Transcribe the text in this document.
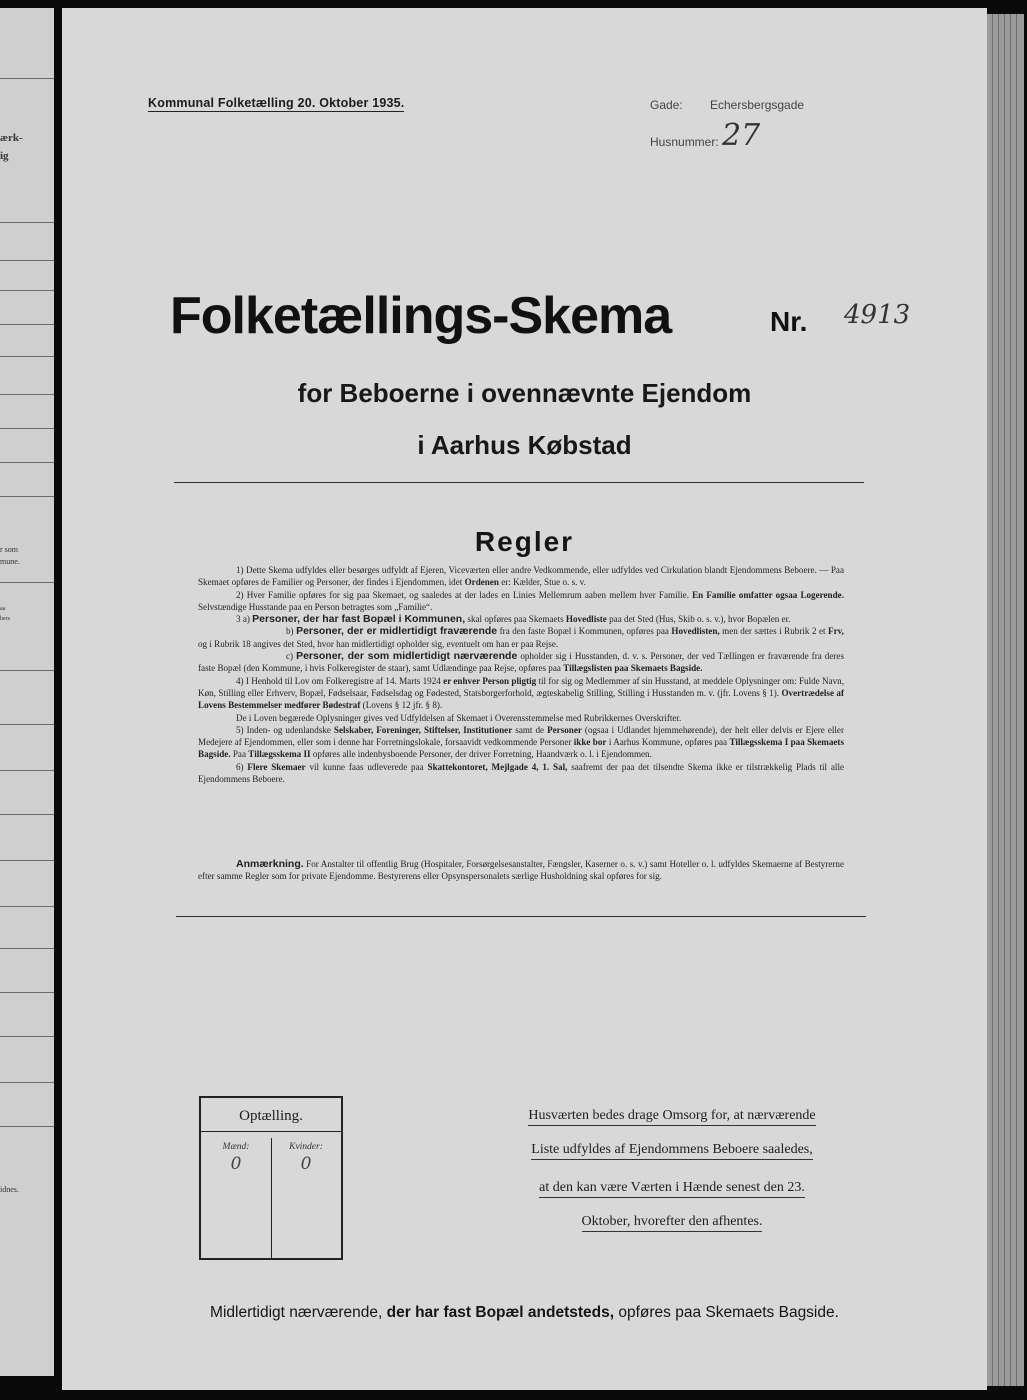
ærk-
ig
r som
mune.
aa
bers
idnes.
Kommunal Folketælling 20. Oktober 1935.	Gade: Echersbergsgade
Husnummer: 27
Folketællings-Skema	Nr. 4913
for Beboerne i ovennævnte Ejendom
i Aarhus Købstad
Regler

1) Dette Skema udfyldes eller besørges udfyldt af Ejeren, Viceværten eller andre Vedkommende, eller udfyldes ved Cirkulation blandt Ejendommens Beboere. — Paa Skemaet opføres de Familier og Personer, der findes i Ejendommen, idet Ordenen er: Kælder, Stue o. s. v.

2) Hver Familie opføres for sig paa Skemaet, og saaledes at der lades en Linies Mellemrum aaben mellem hver Familie. En Familie omfatter ogsaa Logerende. Selvstændige Husstande paa en Person betragtes som „Familie“.

3 a) Personer, der har fast Bopæl i Kommunen, skal opføres paa Skemaets Hovedliste paa det Sted (Hus, Skib o. s. v.), hvor Bopælen er.

b) Personer, der er midlertidigt fraværende fra den faste Bopæl i Kommunen, opføres paa Hovedlisten, men der sættes i Rubrik 2 et Frv, og i Rubrik 18 angives det Sted, hvor han midlertidigt opholder sig, eventuelt om han er paa Rejse.

c) Personer, der som midlertidigt nærværende opholder sig i Husstanden, d. v. s. Personer, der ved Tællingen er fraværende fra deres faste Bopæl (den Kommune, i hvis Folkeregister de staar), samt Udlændinge paa Rejse, opføres paa Tillægslisten paa Skemaets Bagside.

4) I Henhold til Lov om Folkeregistre af 14. Marts 1924 er enhver Person pligtig til for sig og Medlemmer af sin Husstand, at meddele Oplysninger om: Fulde Navn, Køn, Stilling eller Erhverv, Bopæl, Fødselsaar, Fødselsdag og Fødested, Statsborgerforhold, ægteskabelig Stilling, Stilling i Husstanden m. v. (jfr. Lovens § 1). Overtrædelse af Lovens Bestemmelser medfører Bødestraf (Lovens § 12 jfr. § 8).

De i Loven begærede Oplysninger gives ved Udfyldelsen af Skemaet i Overensstemmelse med Rubrikkernes Overskrifter.

5) Inden- og udenlandske Selskaber, Foreninger, Stiftelser, Institutioner samt de Personer (ogsaa i Udlandet hjemmehørende), der helt eller delvis er Ejere eller Medejere af Ejendommen, eller som i denne har Forretningslokale, forsaavidt vedkommende Personer ikke bor i Aarhus Kommune, opføres paa Tillægsskema I paa Skemaets Bagside. Paa Tillægsskema II opføres alle indenbysboende Personer, der driver Forretning, Haandværk o. l. i Ejendommen.

6) Flere Skemaer vil kunne faas udleverede paa Skattekontoret, Mejlgade 4, 1. Sal, saafremt der paa det tilsendte Skema ikke er tilstrækkelig Plads til alle Ejendommens Beboere.

Anmærkning. For Anstalter til offentlig Brug (Hospitaler, Forsørgelsesanstalter, Fængsler, Kaserner o. s. v.) samt Hoteller o. l. udfyldes Skemaerne af Bestyrerne efter samme Regler som for private Ejendomme. Bestyrerens eller Opsynspersonalets særlige Husholdning skal opføres for sig.
Optælling.
Mænd:
0
Kvinder:
0
Husværten bedes drage Omsorg for, at nærværende
Liste udfyldes af Ejendommens Beboere saaledes,
at den kan være Værten i Hænde senest den 23.
Oktober, hvorefter den afhentes.
Midlertidigt nærværende, der har fast Bopæl andetsteds, opføres paa Skemaets Bagside.
